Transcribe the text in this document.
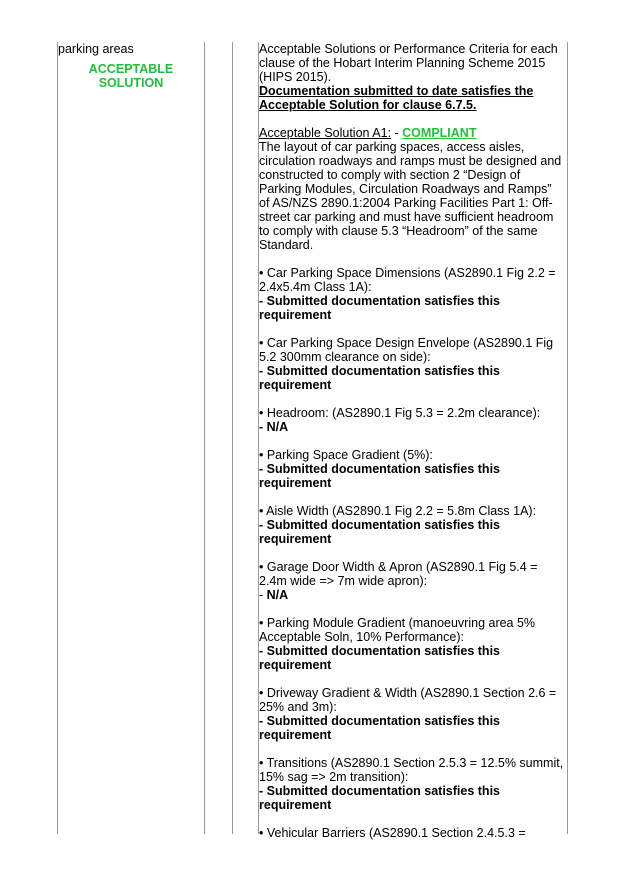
parking areas

ACCEPTABLE
SOLUTION

Acceptable Solutions or Performance Criteria for each clause of the Hobart Interim Planning Scheme 2015 (HIPS 2015).

Documentation submitted to date satisfies the Acceptable Solution for clause 6.7.5.

Acceptable Solution A1: - COMPLIANT

The layout of car parking spaces, access aisles, circulation roadways and ramps must be designed and constructed to comply with section 2 “Design of Parking Modules, Circulation Roadways and Ramps” of AS/NZS 2890.1:2004 Parking Facilities Part 1: Off-street car parking and must have sufficient headroom to comply with clause 5.3 “Headroom” of the same Standard.

• Car Parking Space Dimensions (AS2890.1 Fig 2.2 = 2.4x5.4m Class 1A):

- Submitted documentation satisfies this requirement

• Car Parking Space Design Envelope (AS2890.1 Fig 5.2 300mm clearance on side):

- Submitted documentation satisfies this requirement

• Headroom: (AS2890.1 Fig 5.3 = 2.2m clearance):

- N/A

• Parking Space Gradient (5%):

- Submitted documentation satisfies this requirement

• Aisle Width (AS2890.1 Fig 2.2 = 5.8m Class 1A):

- Submitted documentation satisfies this requirement

• Garage Door Width & Apron (AS2890.1 Fig 5.4 = 2.4m wide => 7m wide apron):

- N/A

• Parking Module Gradient (manoeuvring area 5% Acceptable Soln, 10% Performance):

- Submitted documentation satisfies this requirement

• Driveway Gradient & Width (AS2890.1 Section 2.6 = 25% and 3m):

- Submitted documentation satisfies this requirement

• Transitions (AS2890.1 Section 2.5.3 = 12.5% summit, 15% sag => 2m transition):

- Submitted documentation satisfies this requirement

• Vehicular Barriers (AS2890.1 Section 2.4.5.3 =
